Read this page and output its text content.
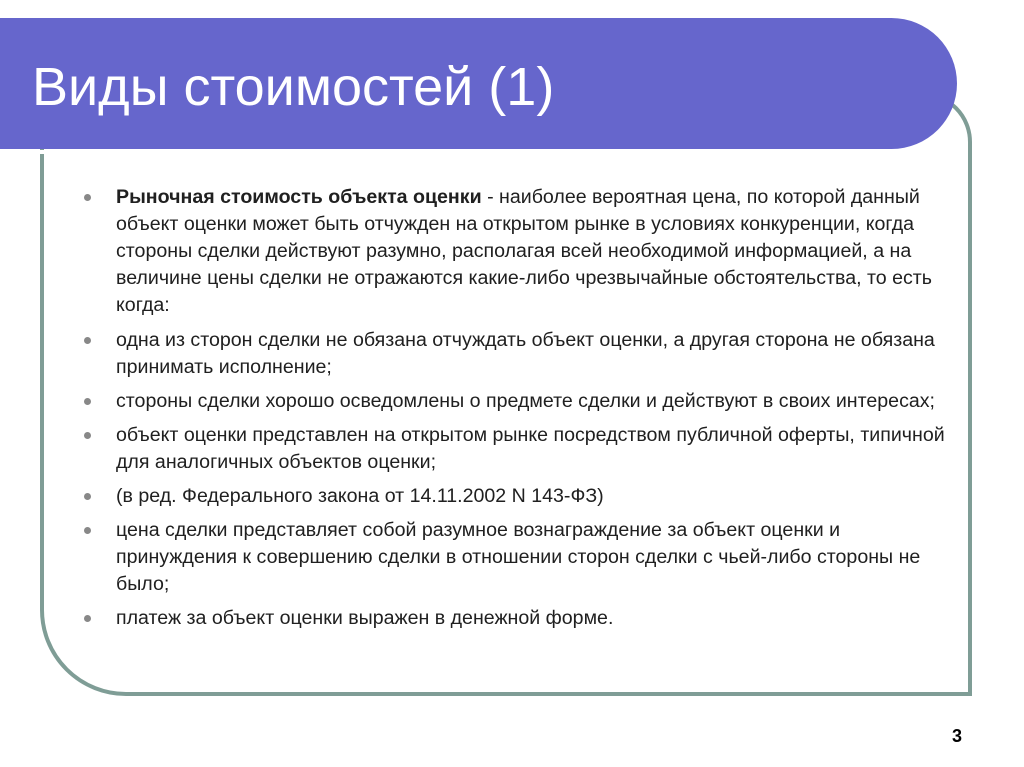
Виды стоимостей (1)
Рыночная стоимость объекта оценки - наиболее вероятная цена, по которой данный объект оценки может быть отчужден на открытом рынке в условиях конкуренции, когда стороны сделки действуют разумно, располагая всей необходимой информацией, а на величине цены сделки не отражаются какие-либо чрезвычайные обстоятельства, то есть когда:
одна из сторон сделки не обязана отчуждать объект оценки, а другая сторона не обязана принимать исполнение;
стороны сделки хорошо осведомлены о предмете сделки и действуют в своих интересах;
объект оценки представлен на открытом рынке посредством публичной оферты, типичной для аналогичных объектов оценки;
(в ред. Федерального закона от 14.11.2002 N 143-ФЗ)
цена сделки представляет собой разумное вознаграждение за объект оценки и принуждения к совершению сделки в отношении сторон сделки с чьей-либо стороны не было;
платеж за объект оценки выражен в денежной форме.
3
